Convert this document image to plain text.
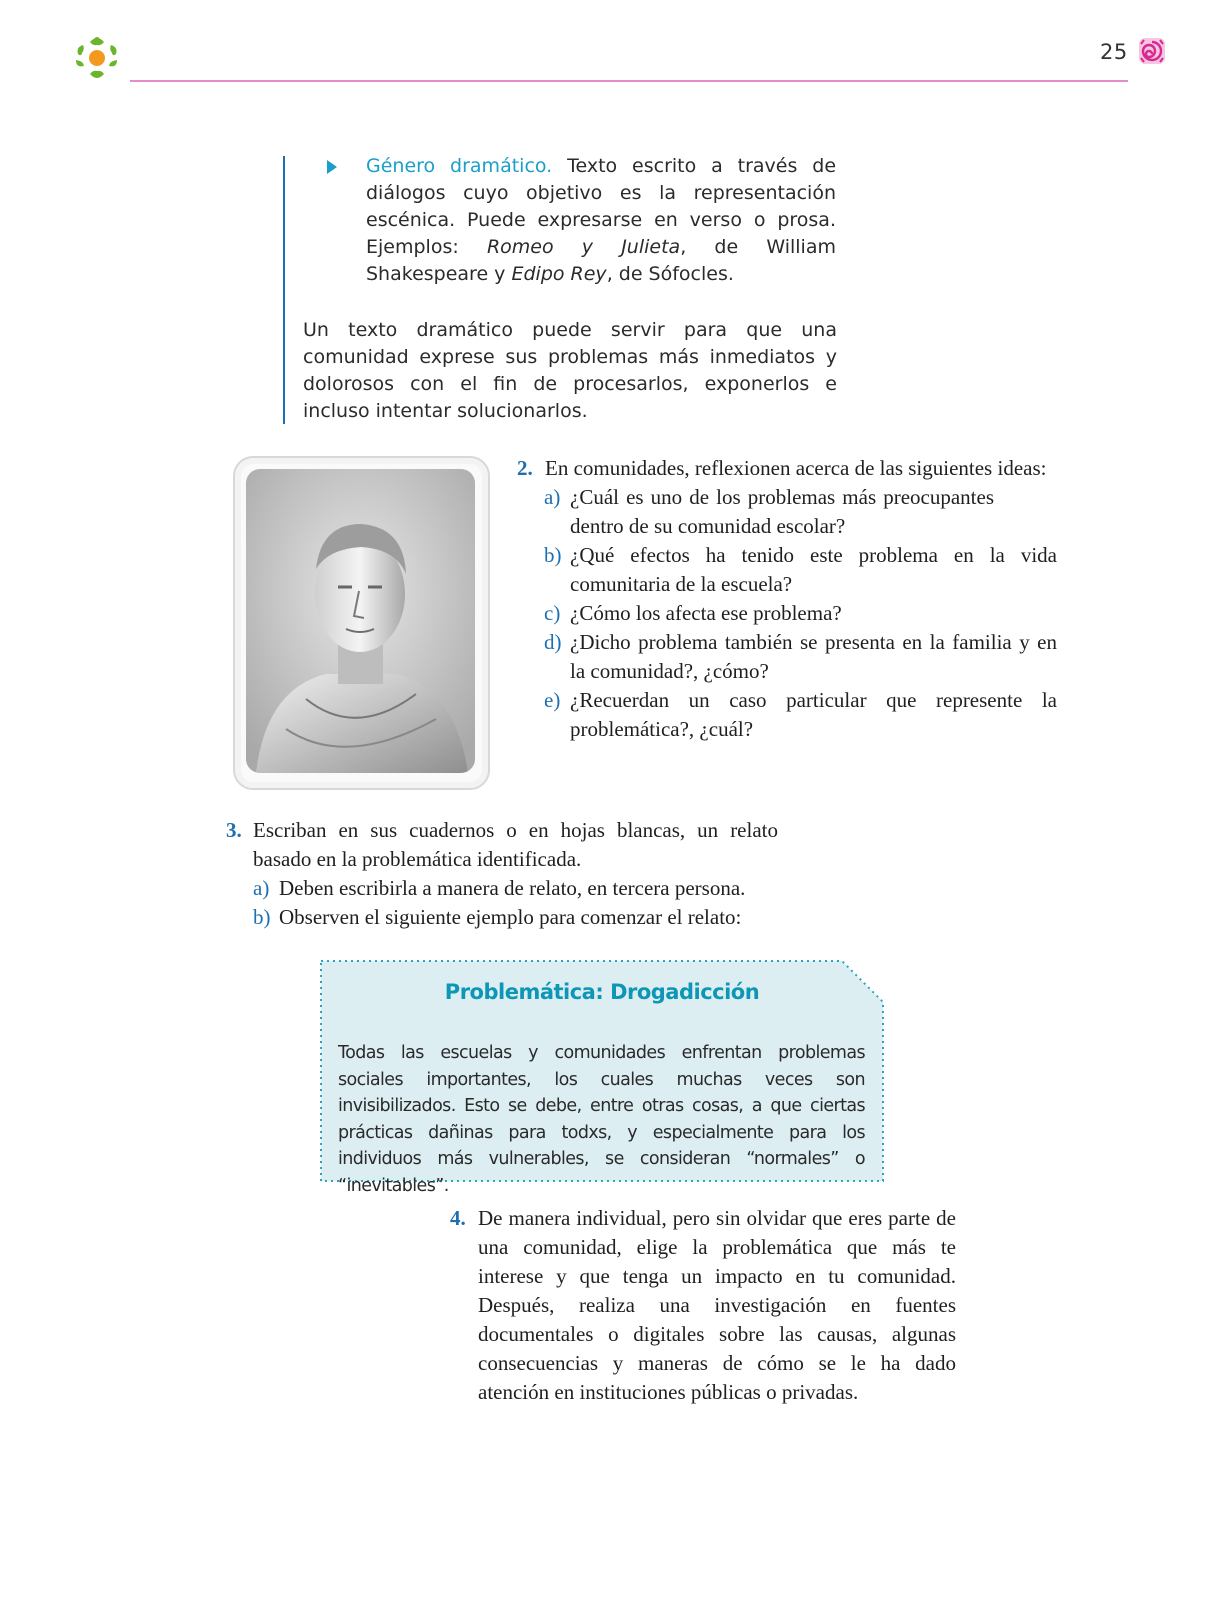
25
Género dramático. Texto escrito a través de diálogos cuyo objetivo es la representación escénica. Puede expresarse en verso o prosa. Ejemplos: Romeo y Julieta, de William Shakespeare y Edipo Rey, de Sófocles.
Un texto dramático puede servir para que una comunidad exprese sus problemas más inmediatos y dolorosos con el fin de procesarlos, exponerlos e incluso intentar solucionarlos.
2. En comunidades, reflexionen acerca de las siguientes ideas:
a) ¿Cuál es uno de los problemas más preocupantes dentro de su comunidad escolar?
b) ¿Qué efectos ha tenido este problema en la vida comunitaria de la escuela?
c) ¿Cómo los afecta ese problema?
d) ¿Dicho problema también se presenta en la familia y en la comunidad?, ¿cómo?
e) ¿Recuerdan un caso particular que represente la problemática?, ¿cuál?
3. Escriban en sus cuadernos o en hojas blancas, un relato basado en la problemática identificada.
a) Deben escribirla a manera de relato, en tercera persona.
b) Observen el siguiente ejemplo para comenzar el relato:
Problemática: Drogadicción
Todas las escuelas y comunidades enfrentan problemas sociales importantes, los cuales muchas veces son invisibilizados. Esto se debe, entre otras cosas, a que ciertas prácticas dañinas para todxs, y especialmente para los individuos más vulnerables, se consideran “normales” o “inevitables”.
4. De manera individual, pero sin olvidar que eres parte de una comunidad, elige la problemática que más te interese y que tenga un impacto en tu comunidad. Después, realiza una investigación en fuentes documentales o digitales sobre las causas, algunas consecuencias y maneras de cómo se le ha dado atención en instituciones públicas o privadas.
